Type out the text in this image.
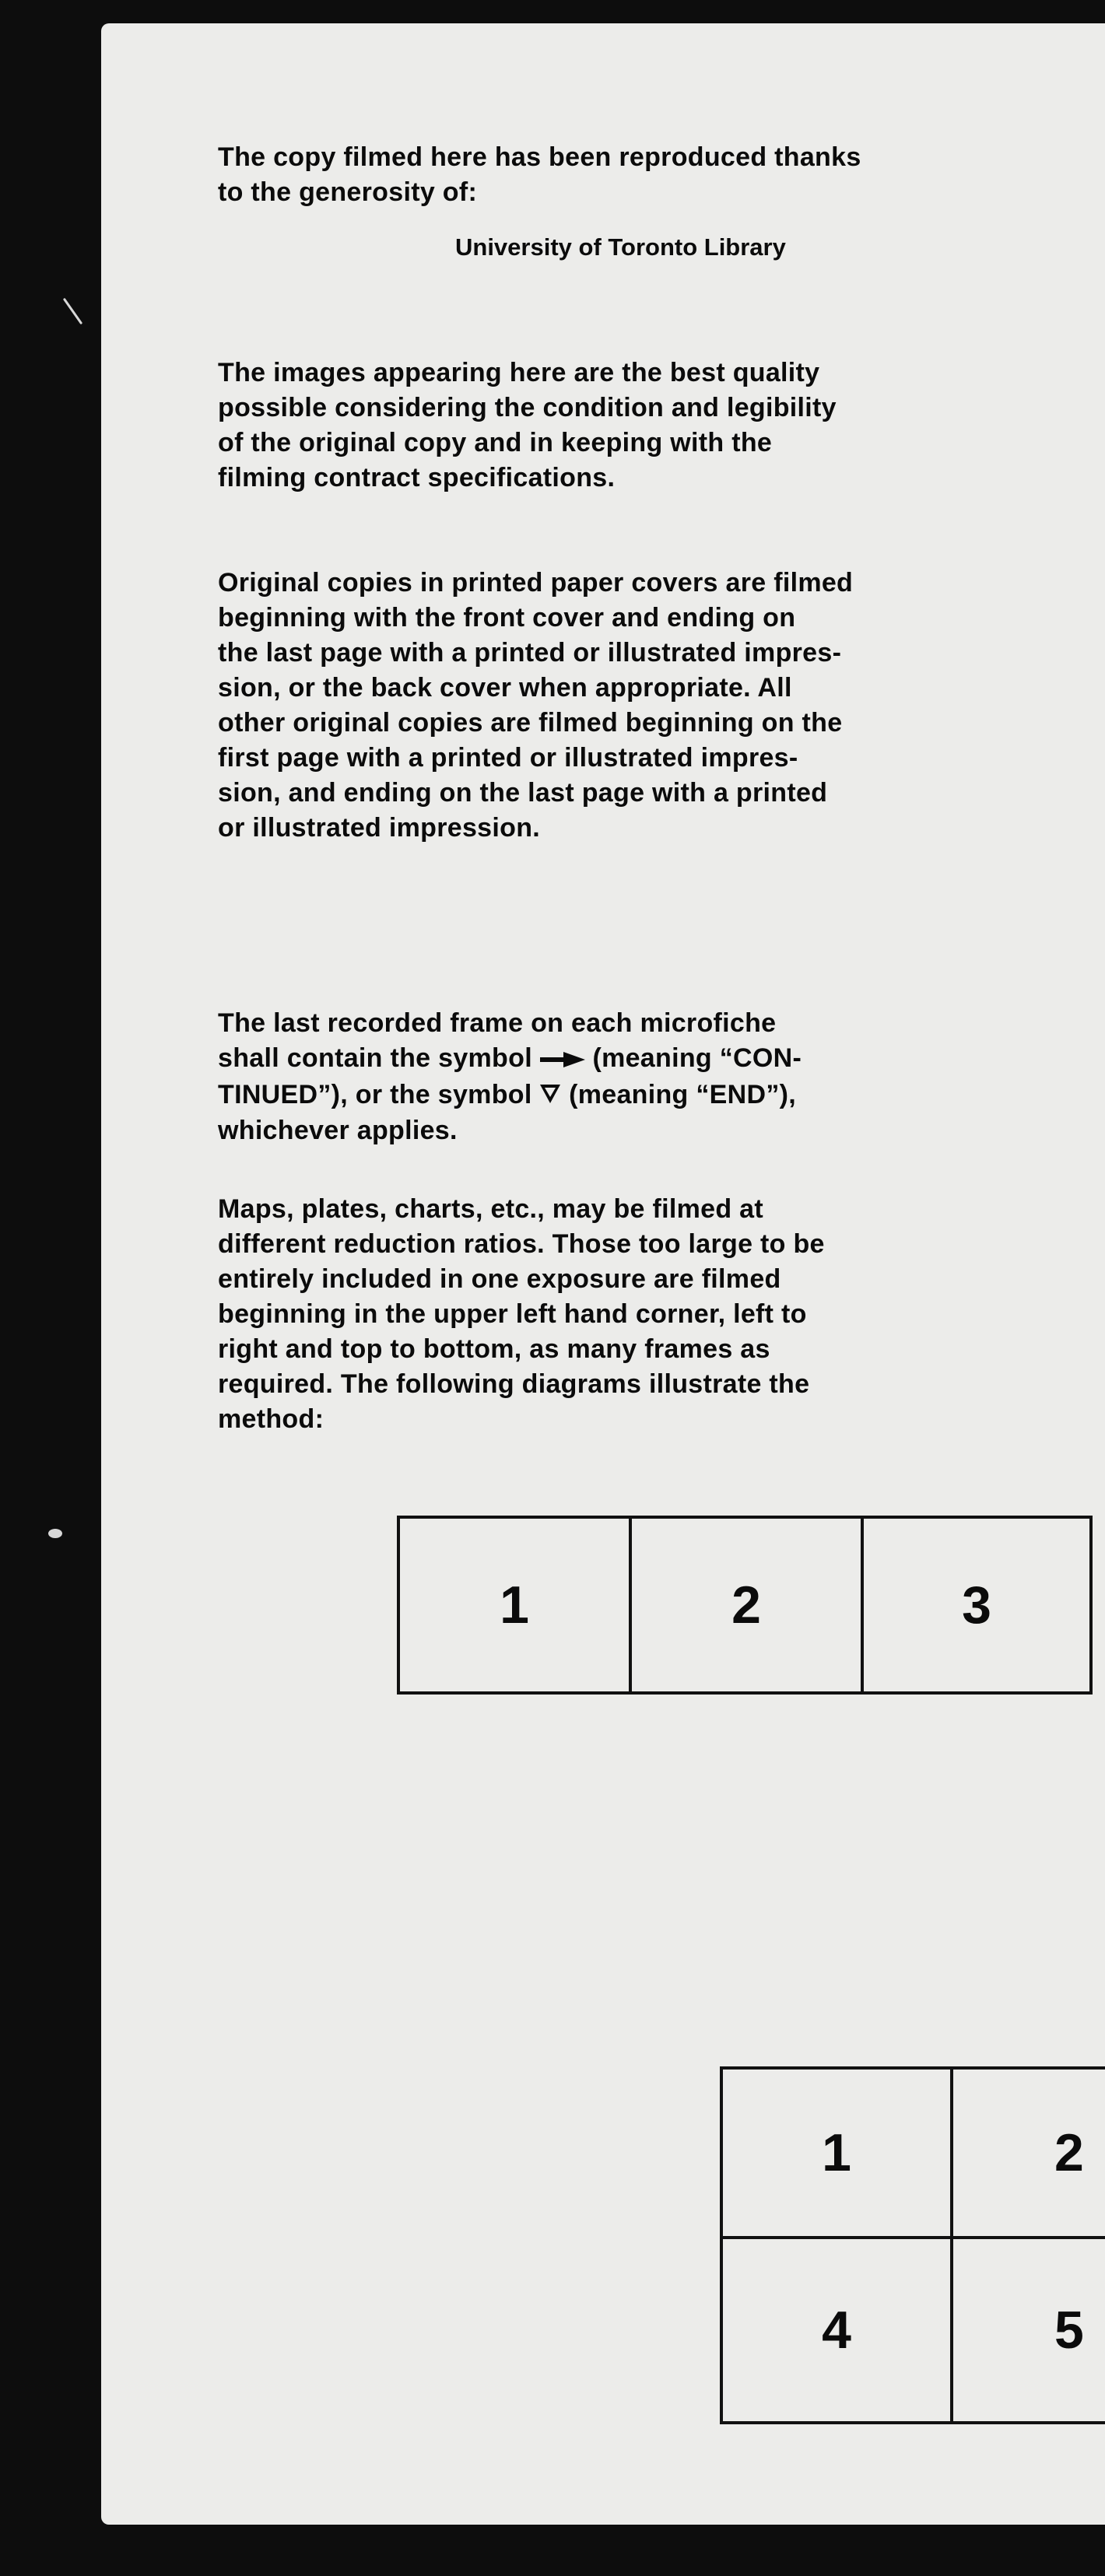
The copy filmed here has been reproduced thanks
to the generosity of:

University of Toronto Library

The images appearing here are the best quality
possible considering the condition and legibility
of the original copy and in keeping with the
filming contract specifications.

Original copies in printed paper covers are filmed
beginning with the front cover and ending on
the last page with a printed or illustrated impres-
sion, or the back cover when appropriate. All
other original copies are filmed beginning on the
first page with a printed or illustrated impres-
sion, and ending on the last page with a printed
or illustrated impression.

The last recorded frame on each microfiche
shall contain the symbol  (meaning “CON-
TINUED”), or the symbol  (meaning “END”),
whichever applies.

Maps, plates, charts, etc., may be filmed at
different reduction ratios. Those too large to be
entirely included in one exposure are filmed
beginning in the upper left hand corner, left to
right and top to bottom, as many frames as
required. The following diagrams illustrate the
method:

1	2	3
1	2
4	5
